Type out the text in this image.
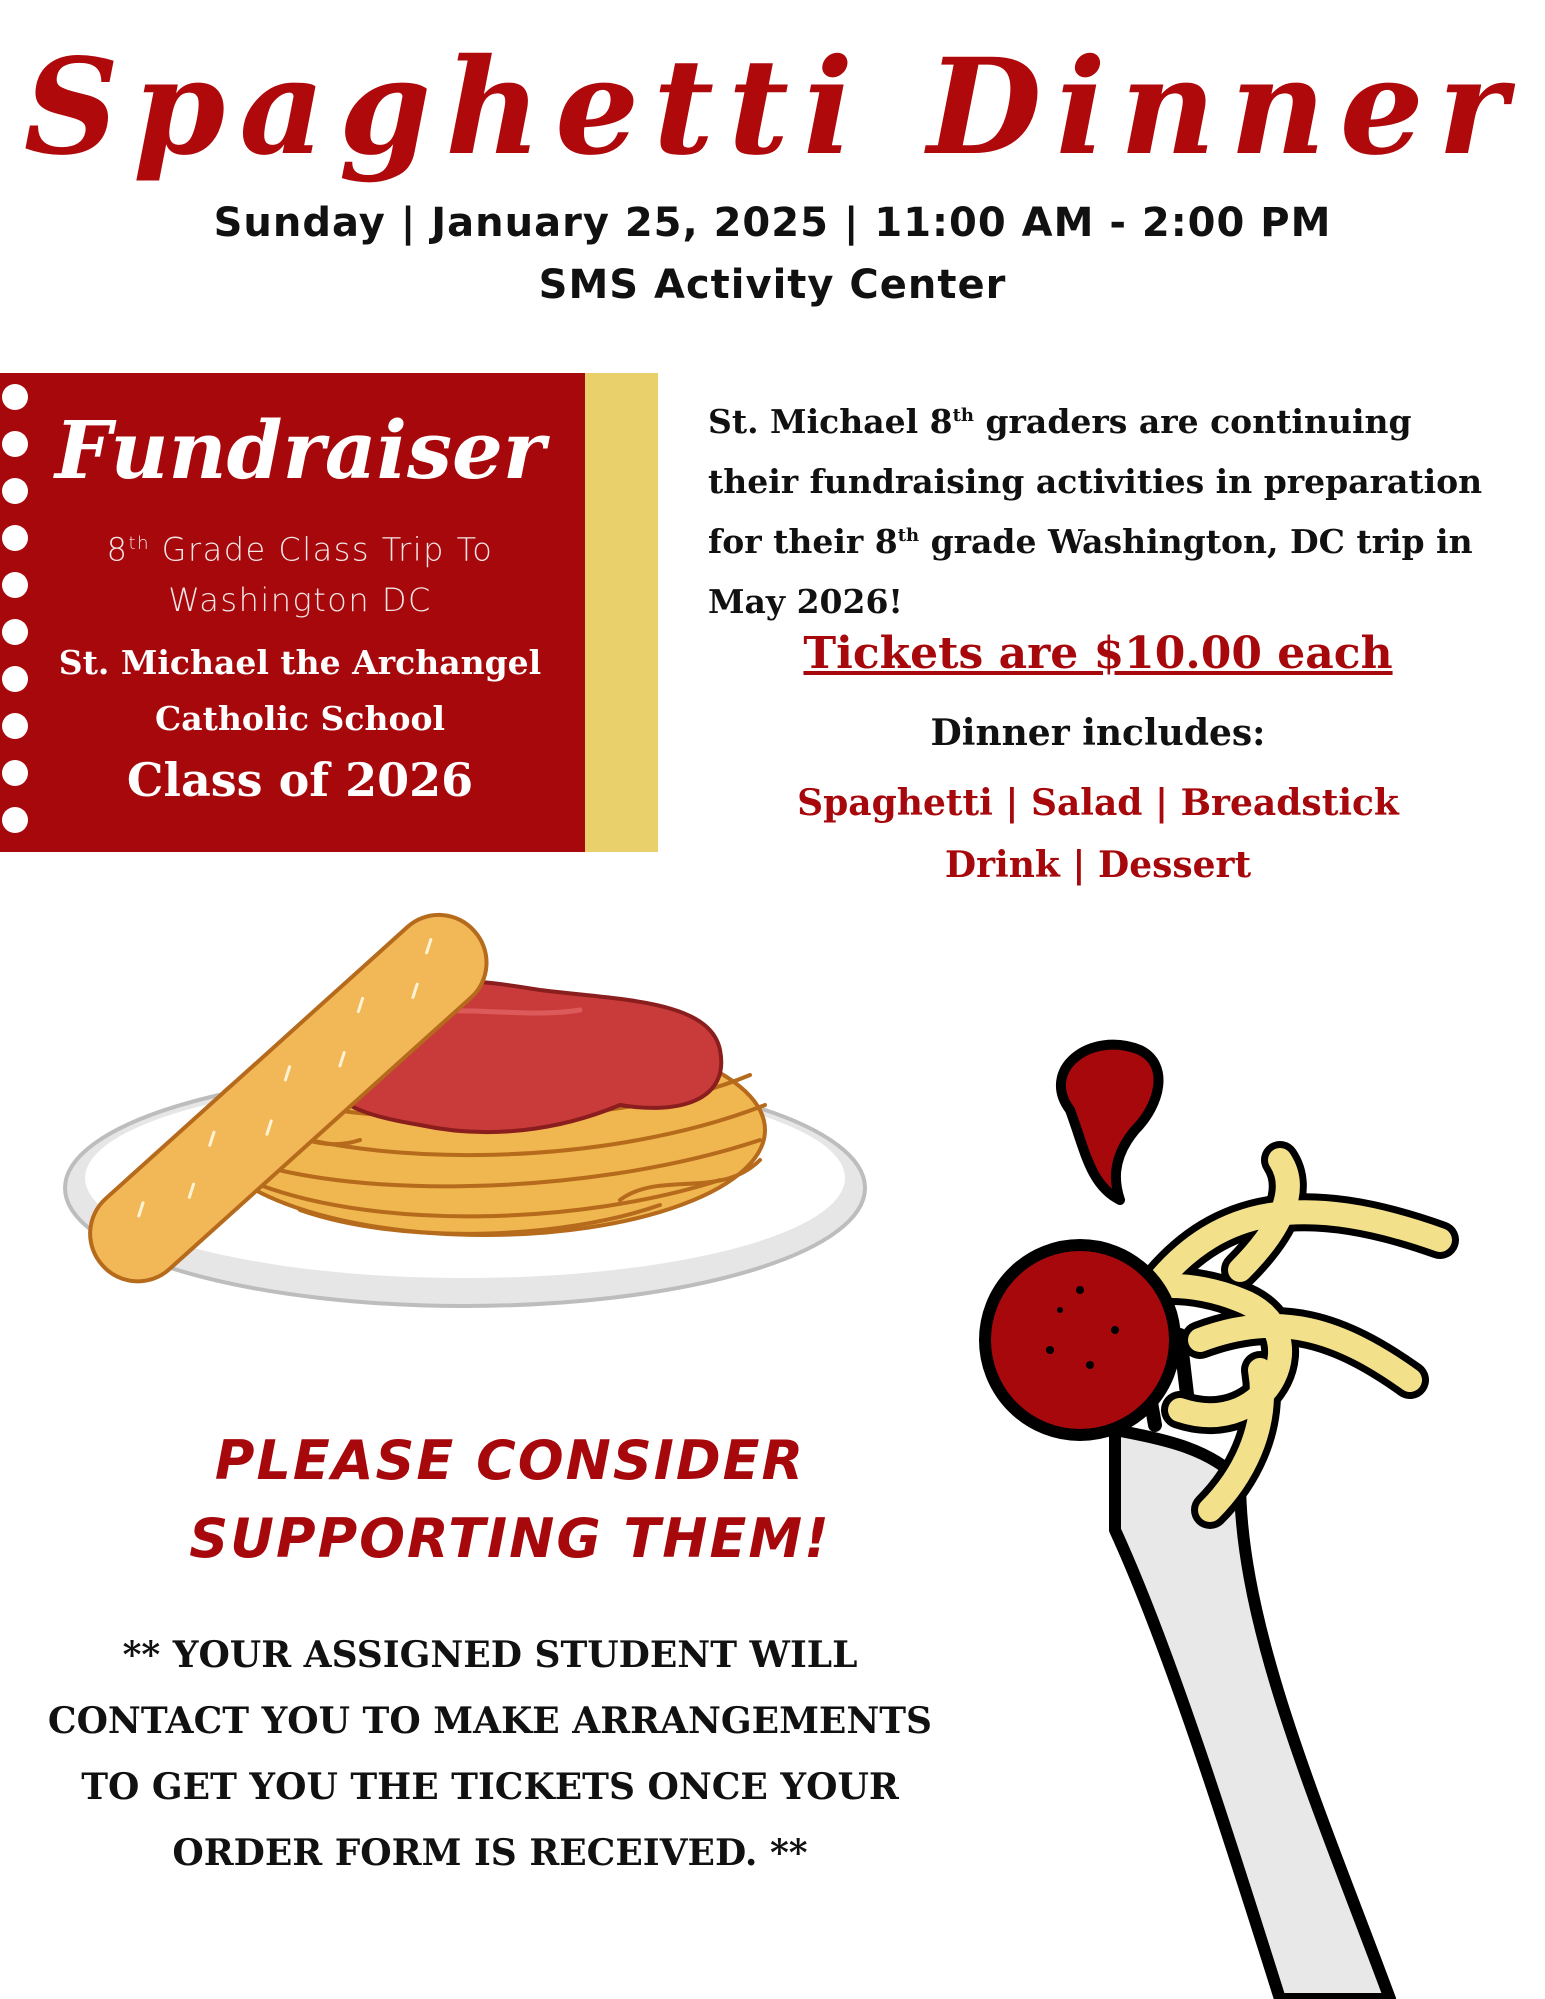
Spaghetti Dinner
Sunday | January 25, 2025 | 11:00 AM - 2:00 PM
SMS Activity Center
Fundraiser
8th Grade Class Trip To
Washington DC
St. Michael the Archangel
Catholic School
Class of 2026
St. Michael 8th graders are continuing their fundraising activities in preparation for their 8th grade Washington, DC trip in May 2026!
Tickets are $10.00 each
Dinner includes:
Spaghetti | Salad | Breadstick
Drink | Dessert
PLEASE CONSIDER
SUPPORTING THEM!
** YOUR ASSIGNED STUDENT WILL
CONTACT YOU TO MAKE ARRANGEMENTS
TO GET YOU THE TICKETS ONCE YOUR
ORDER FORM IS RECEIVED. **
